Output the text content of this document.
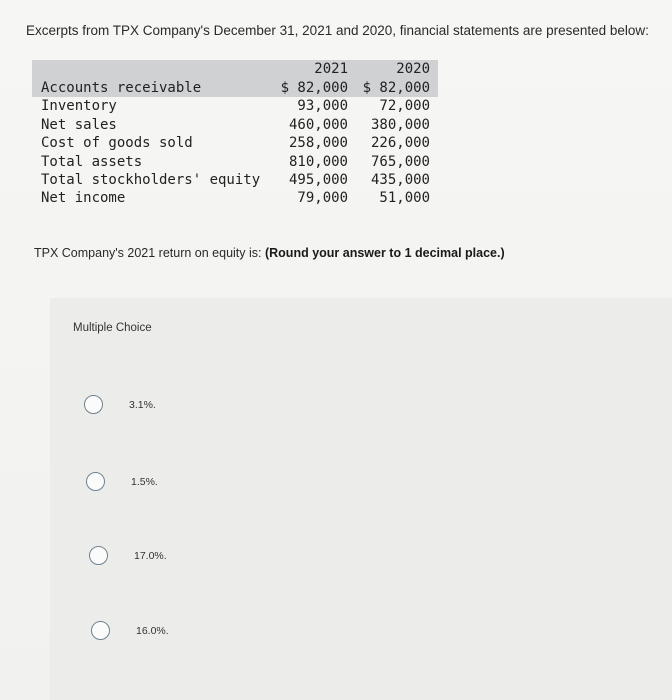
Excerpts from TPX Company's December 31, 2021 and 2020, financial statements are presented below:
	2021	2020
Accounts receivable	$ 82,000	$ 82,000
Inventory	93,000	72,000
Net sales	460,000	380,000
Cost of goods sold	258,000	226,000
Total assets	810,000	765,000
Total stockholders' equity	495,000	435,000
Net income	79,000	51,000
TPX Company's 2021 return on equity is: (Round your answer to 1 decimal place.)
Multiple Choice
3.1%.
1.5%.
17.0%.
16.0%.
